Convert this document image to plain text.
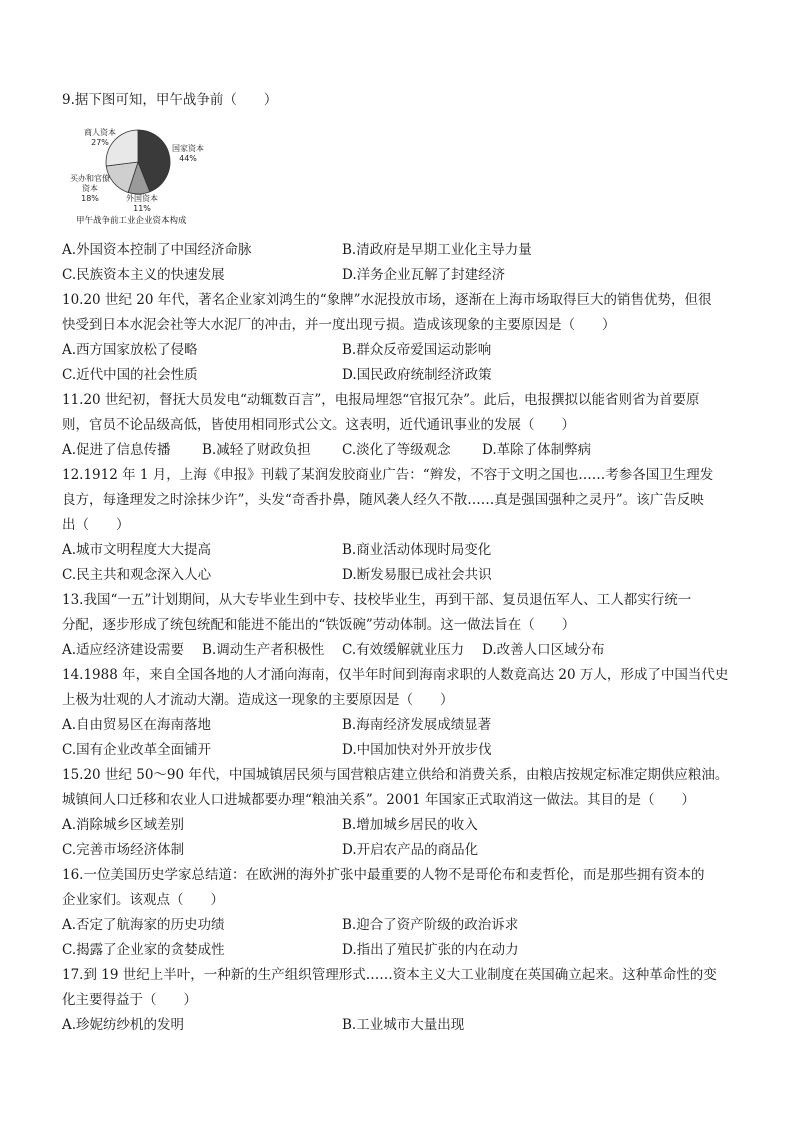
9.据下图可知，甲午战争前（　　）
商人资本
27%
国家资本
44%
买办和官僚资本
18%	外国资本
11%
甲午战争前工业企业资本构成
A.外国资本控制了中国经济命脉	B.清政府是早期工业化主导力量
C.民族资本主义的快速发展	D.洋务企业瓦解了封建经济
10.20 世纪 20 年代，著名企业家刘鸿生的“象牌”水泥投放市场，逐渐在上海市场取得巨大的销售优势，但很
快受到日本水泥会社等大水泥厂的冲击，并一度出现亏损。造成该现象的主要原因是（　　）
A.西方国家放松了侵略	B.群众反帝爱国运动影响
C.近代中国的社会性质	D.国民政府统制经济政策
11.20 世纪初，督抚大员发电“动辄数百言”，电报局埋怨“官报冗杂”。此后，电报撰拟以能省则省为首要原
则，官员不论品级高低，皆使用相同形式公文。这表明，近代通讯事业的发展（　　）
A.促进了信息传播 B.减轻了财政负担 C.淡化了等级观念 D.革除了体制弊病
12.1912 年 1 月，上海《申报》刊载了某润发胶商业广告：“辫发，不容于文明之国也……考参各国卫生理发
良方，每逢理发之时涂抹少许”，头发“奇香扑鼻，随风袭人经久不散……真是强国强种之灵丹”。该广告反映
出（　　）
A.城市文明程度大大提高	B.商业活动体现时局变化
C.民主共和观念深入人心	D.断发易服已成社会共识
13.我国“一五”计划期间，从大专毕业生到中专、技校毕业生，再到干部、复员退伍军人、工人都实行统一
分配，逐步形成了统包统配和能进不能出的“铁饭碗”劳动体制。这一做法旨在（　　）
A.适应经济建设需要 B.调动生产者积极性 C.有效缓解就业压力 D.改善人口区域分布
14.1988 年，来自全国各地的人才涌向海南，仅半年时间到海南求职的人数竟高达 20 万人，形成了中国当代史
上极为壮观的人才流动大潮。造成这一现象的主要原因是（　　）
A.自由贸易区在海南落地	B.海南经济发展成绩显著
C.国有企业改革全面铺开	D.中国加快对外开放步伐
15.20 世纪 50～90 年代，中国城镇居民须与国营粮店建立供给和消费关系，由粮店按规定标准定期供应粮油。
城镇间人口迁移和农业人口进城都要办理“粮油关系”。2001 年国家正式取消这一做法。其目的是（　　）
A.消除城乡区域差别	B.增加城乡居民的收入
C.完善市场经济体制	D.开启农产品的商品化
16.一位美国历史学家总结道：在欧洲的海外扩张中最重要的人物不是哥伦布和麦哲伦，而是那些拥有资本的
企业家们。该观点（　　）
A.否定了航海家的历史功绩	B.迎合了资产阶级的政治诉求
C.揭露了企业家的贪婪成性	D.指出了殖民扩张的内在动力
17.到 19 世纪上半叶，一种新的生产组织管理形式……资本主义大工业制度在英国确立起来。这种革命性的变
化主要得益于（　　）
A.珍妮纺纱机的发明	B.工业城市大量出现
